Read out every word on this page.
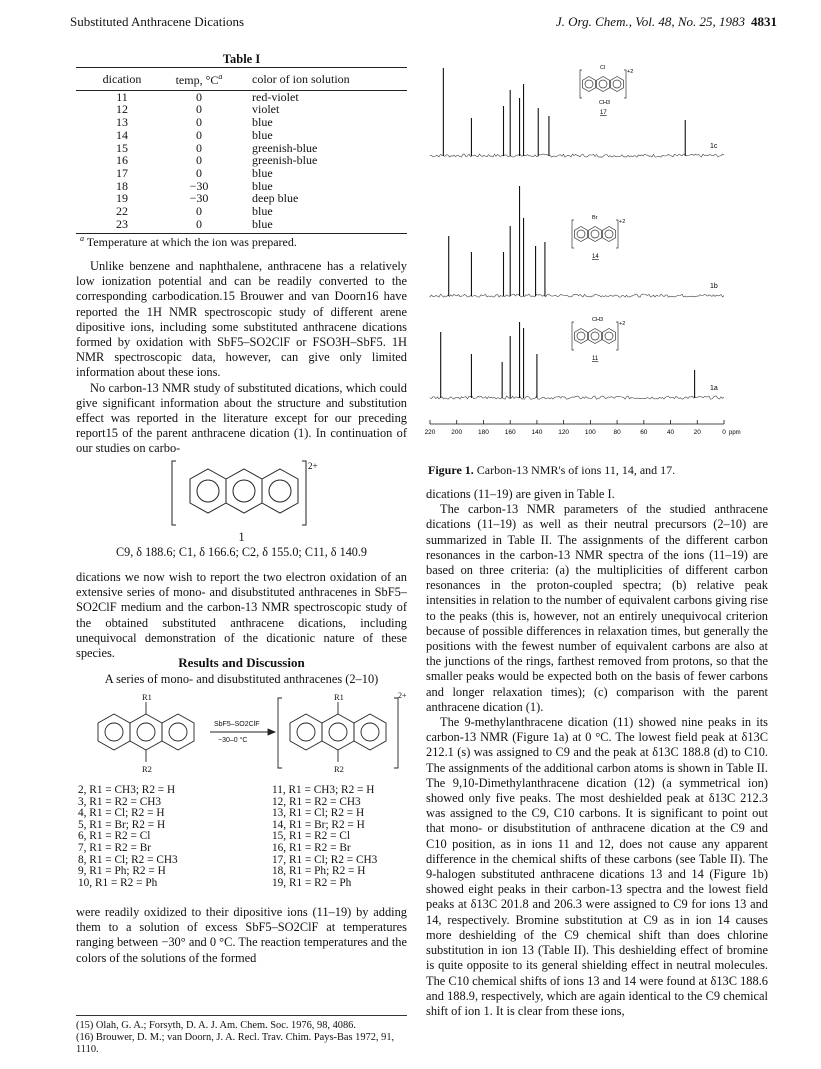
Substituted Anthracene Dications	J. Org. Chem., Vol. 48, No. 25, 1983 4831
Table I
dication	temp, $^\circ C^a$	color of ion solution
11	0	red-violet
12	0	violet
13	0	blue
14	0	blue
15	0	greenish-blue
16	0	greenish-blue
17	0	blue
18	−30	blue
19	−30	deep blue
22	0	blue
23	0	blue
$^a$ Temperature at which the ion was prepared.

Unlike benzene and naphthalene, anthracene has a relatively low ionization potential and can be readily converted to the corresponding carbodication.15 Brouwer and van Doorn16 have reported the 1H NMR spectroscopic study of different arene dipositive ions, including some substituted anthracene dications formed by oxidation with SbF5–SO2ClF or FSO3H–SbF5. 1H NMR spectroscopic data, however, can give only limited information about these ions.

No carbon-13 NMR study of substituted dications, which could give significant information about the structure and substitution effect was reported in the literature except for our preceding report15 of the parent anthracene dication (1). In continuation of our studies on carbo-

2+
1
C9, δ 188.6; C1, δ 166.6; C2, δ 155.0; C11, δ 140.9

dications we now wish to report the two electron oxidation of an extensive series of mono- and disubstituted anthracenes in SbF5–SO2ClF medium and the carbon-13 NMR spectroscopic study of the obtained substituted anthracene dications, including unequivocal demonstration of the dicationic nature of these species.

Results and Discussion
A series of mono- and disubstituted anthracenes (2–10)
R1
R2
R1
R2
SbF5–SO2ClF
−30–0 °C
2+
2, R1 = CH3; R2 = H
3, R1 = R2 = CH3
4, R1 = Cl; R2 = H
5, R1 = Br; R2 = H
6, R1 = R2 = Cl
7, R1 = R2 = Br
8, R1 = Cl; R2 = CH3
9, R1 = Ph; R2 = H
10, R1 = R2 = Ph
11, R1 = CH3; R2 = H
12, R1 = R2 = CH3
13, R1 = Cl; R2 = H
14, R1 = Br; R2 = H
15, R1 = R2 = Cl
16, R1 = R2 = Br
17, R1 = Cl; R2 = CH3
18, R1 = Ph; R2 = H
19, R1 = R2 = Ph

were readily oxidized to their dipositive ions (11–19) by adding them to a solution of excess SbF5–SO2ClF at temperatures ranging between −30° and 0 °C. The reaction temperatures and the colors of the solutions of the formed

(15) Olah, G. A.; Forsyth, D. A. J. Am. Chem. Soc. 1976, 98, 4086.
(16) Brouwer, D. M.; van Doorn, J. A. Recl. Trav. Chim. Pays-Bas 1972, 91, 1110.
1c
Cl
CH3
+2
17
1b
Br
+2
14
1a
CH3
+2
11
220 200 180 160 140 120 100	80	60	40	20	0 ppm
Figure 1. Carbon-13 NMR's of ions 11, 14, and 17.

dications (11–19) are given in Table I.

The carbon-13 NMR parameters of the studied anthracene dications (11–19) as well as their neutral precursors (2–10) are summarized in Table II. The assignments of the different carbon resonances in the carbon-13 NMR spectra of the ions (11–19) are based on three criteria: (a) the multiplicities of different carbon resonances in the proton-coupled spectra; (b) relative peak intensities in relation to the number of equivalent carbons giving rise to the peaks (this is, however, not an entirely unequivocal criterion because of possible differences in relaxation times, but generally the positions with the fewest number of equivalent carbons are also at the junctions of the rings, farthest removed from protons, so that the smaller peaks would be expected both on the basis of fewer carbons and longer relaxation times); (c) comparison with the parent anthracene dication (1).

The 9-methylanthracene dication (11) showed nine peaks in its carbon-13 NMR (Figure 1a) at 0 °C. The lowest field peak at δ13C 212.1 (s) was assigned to C9 and the peak at δ13C 188.8 (d) to C10. The assignments of the additional carbon atoms is shown in Table II. The 9,10-Dimethylanthracene dication (12) (a symmetrical ion) showed only five peaks. The most deshielded peak at δ13C 212.3 was assigned to the C9, C10 carbons. It is significant to point out that mono- or disubstitution of anthracene dication at the C9 and C10 position, as in ions 11 and 12, does not cause any apparent difference in the chemical shifts of these carbons (see Table II). The 9-halogen substituted anthracene dications 13 and 14 (Figure 1b) showed eight peaks in their carbon-13 spectra and the lowest field peaks at δ13C 201.8 and 206.3 were assigned to C9 for ions 13 and 14, respectively. Bromine substitution at C9 as in ion 14 causes more deshielding of the C9 chemical shift than does chlorine substitution in ion 13 (Table II). This deshielding effect of bromine is quite opposite to its general shielding effect in neutral molecules. The C10 chemical shifts of ions 13 and 14 were found at δ13C 188.6 and 188.9, respectively, which are again identical to the C9 chemical shift of ion 1. It is clear from these ions,
